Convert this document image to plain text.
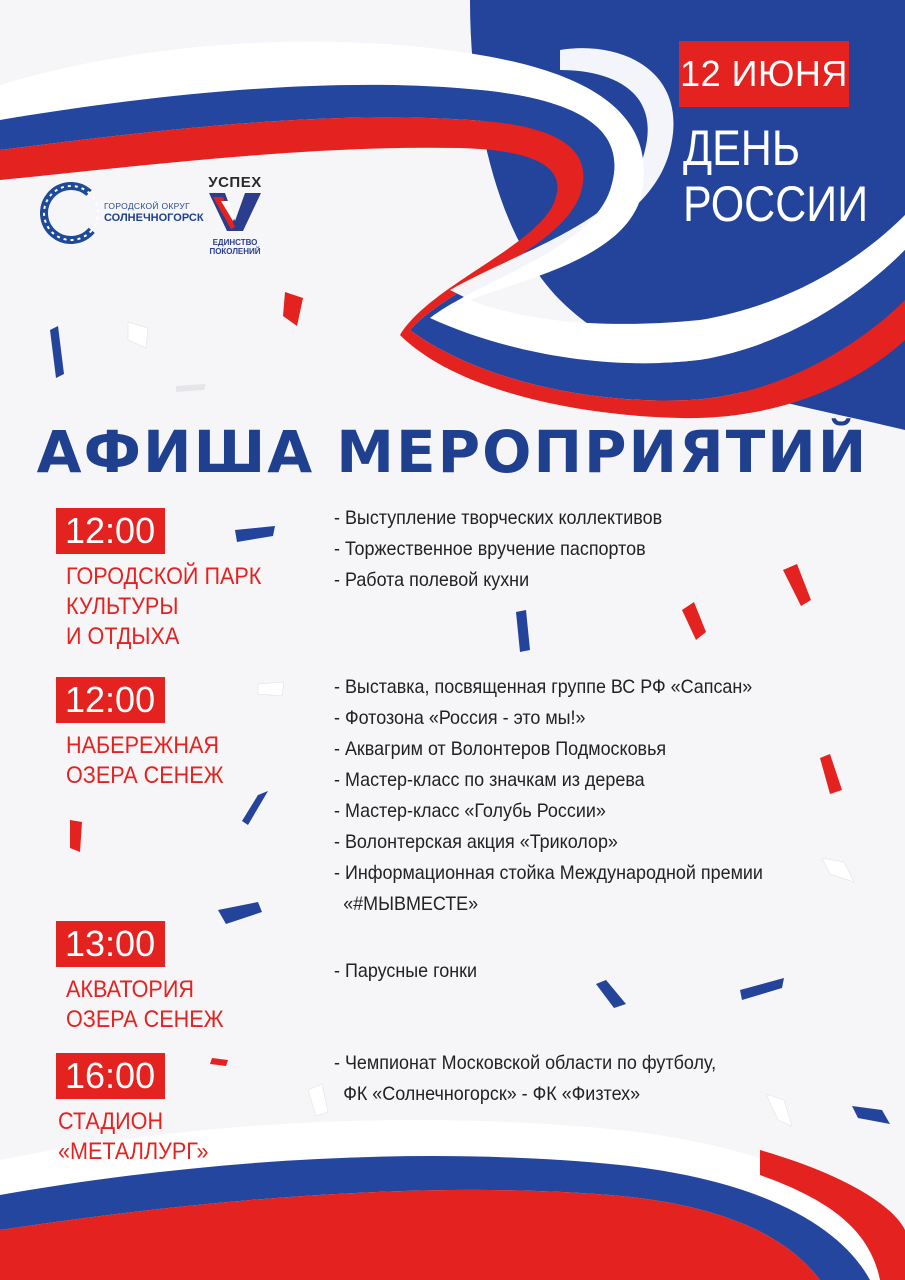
12 ИЮНЯ
ДЕНЬ
РОССИИ
ГОРОДСКОЙ ОКРУГ
СОЛНЕЧНОГОРСК
УСПЕХ
ЕДИНСТВО
ПОКОЛЕНИЙ
АФИША МЕРОПРИЯТИЙ
12:00
ГОРОДСКОЙ ПАРК
КУЛЬТУРЫ
И ОТДЫХА
- Выступление творческих коллективов
- Торжественное вручение паспортов
- Работа полевой кухни
12:00
НАБЕРЕЖНАЯ
ОЗЕРА СЕНЕЖ
- Выставка, посвященная группе ВС РФ «Сапсан»
- Фотозона «Россия - это мы!»
- Аквагрим от Волонтеров Подмосковья
- Мастер-класс по значкам из дерева
- Мастер-класс «Голубь России»
- Волонтерская акция «Триколор»
- Информационная стойка Международной премии
«#МЫВМЕСТЕ»
13:00
АКВАТОРИЯ
ОЗЕРА СЕНЕЖ
- Парусные гонки
16:00
СТАДИОН
«МЕТАЛЛУРГ»
- Чемпионат Московской области по футболу,
ФК «Солнечногорск» - ФК «Физтех»
